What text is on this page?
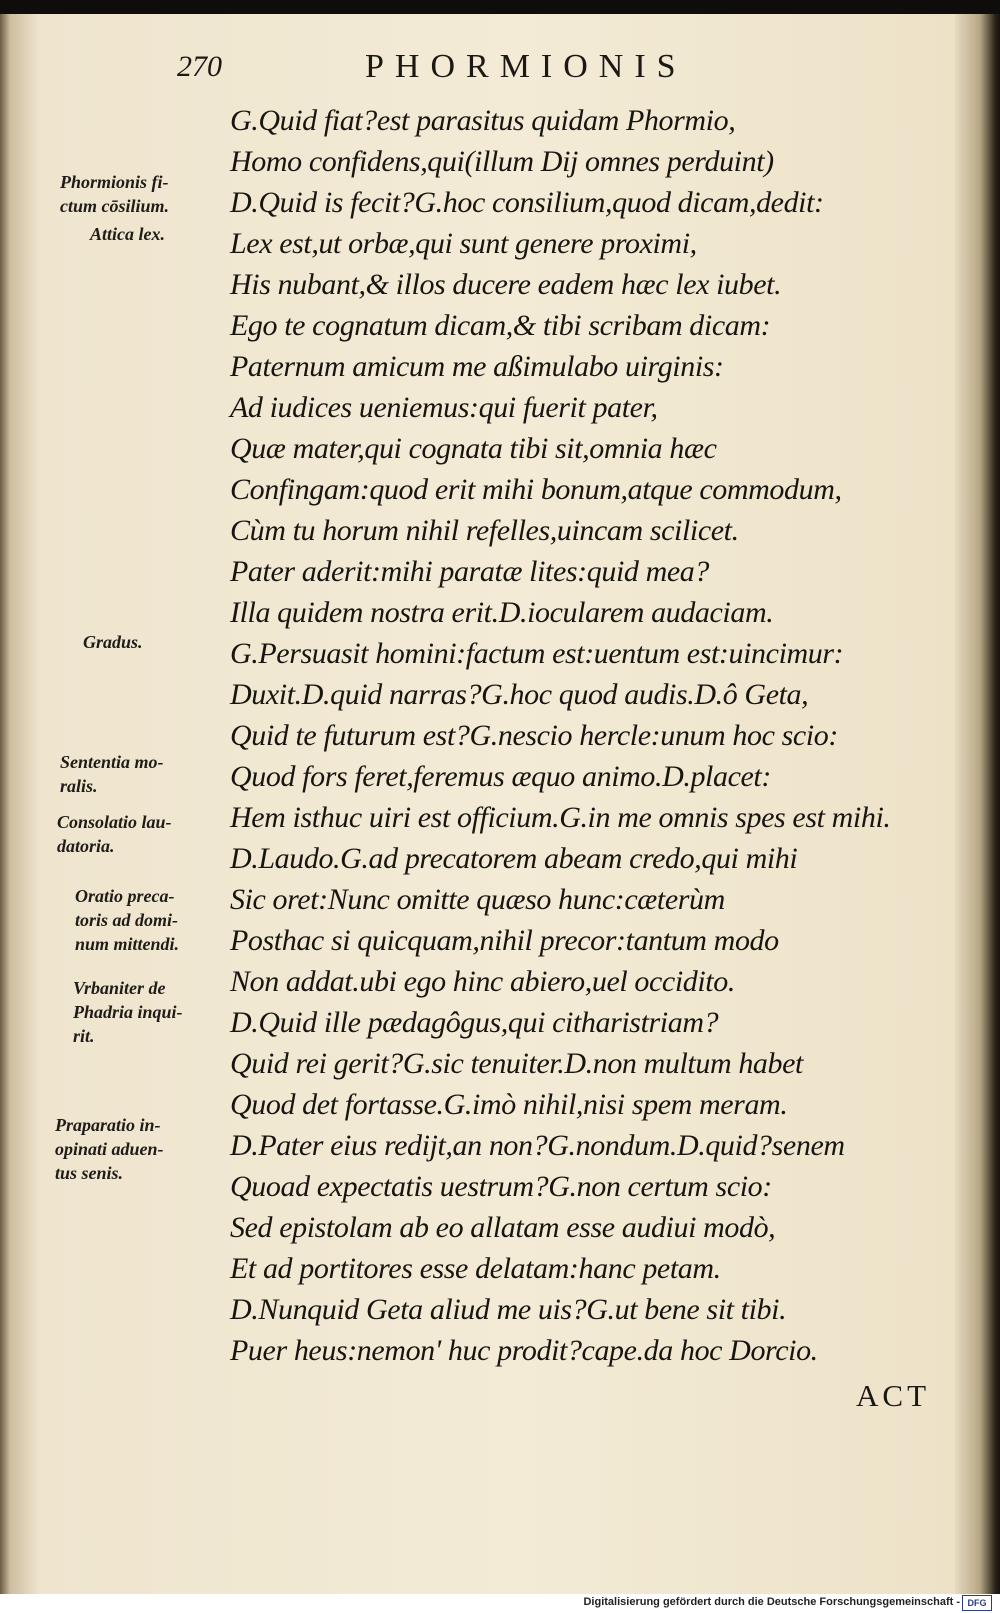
270	PHORMIONIS
Phormionis fi-
ctum cōsilium.
Attica lex.
Gradus.
Sententia mo-
ralis.
Consolatio lau-
datoria.
Oratio preca-
toris ad domi-
num mittendi.
Vrbaniter de
Phadria inqui-
rit.
Praparatio in-
opinati aduen-
tus senis.
G.Quid fiat?est parasitus quidam Phormio,
Homo confidens,qui(illum Dij omnes perduint)
D.Quid is fecit?G.hoc consilium,quod dicam,dedit:
Lex est,ut orbæ,qui sunt genere proximi,
His nubant,& illos ducere eadem hæc lex iubet.
Ego te cognatum dicam,& tibi scribam dicam:
Paternum amicum me aßimulabo uirginis:
Ad iudices ueniemus:qui fuerit pater,
Quæ mater,qui cognata tibi sit,omnia hæc
Confingam:quod erit mihi bonum,atque commodum,
Cùm tu horum nihil refelles,uincam scilicet.
Pater aderit:mihi paratæ lites:quid mea?
Illa quidem nostra erit.D.iocularem audaciam.
G.Persuasit homini:factum est:uentum est:uincimur:
Duxit.D.quid narras?G.hoc quod audis.D.ô Geta,
Quid te futurum est?G.nescio hercle:unum hoc scio:
Quod fors feret,feremus æquo animo.D.placet:
Hem isthuc uiri est officium.G.in me omnis spes est mihi.
D.Laudo.G.ad precatorem abeam credo,qui mihi
Sic oret:Nunc omitte quæso hunc:cæterùm
Posthac si quicquam,nihil precor:tantum modo
Non addat.ubi ego hinc abiero,uel occidito.
D.Quid ille pædagôgus,qui citharistriam?
Quid rei gerit?G.sic tenuiter.D.non multum habet
Quod det fortasse.G.imò nihil,nisi spem meram.
D.Pater eius rediјt,an non?G.nondum.D.quid?senem
Quoad expectatis uestrum?G.non certum scio:
Sed epistolam ab eo allatam esse audiui modò,
Et ad portitores esse delatam:hanc petam.
D.Nunquid Geta aliud me uis?G.ut bene sit tibi.
Puer heus:nemon' huc prodit?cape.da hoc Dorcio.
ACT
Digitalisierung gefördert durch die Deutsche Forschungsgemeinschaft - DFG
